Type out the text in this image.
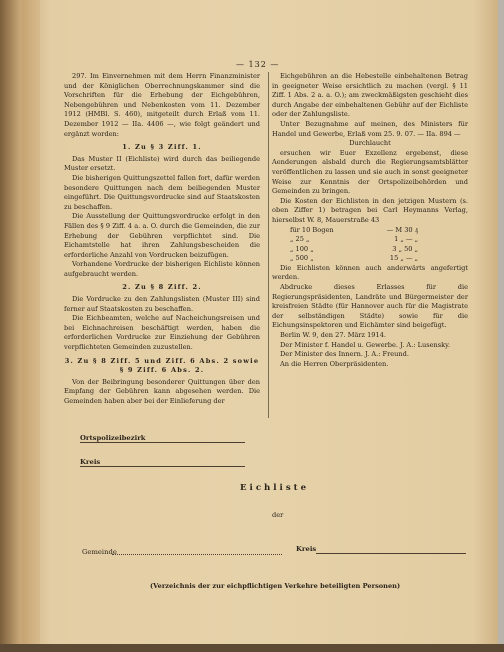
— 132 —

297. Im Einvernehmen mit dem Herrn Finanzminister und der Königlichen Oberrechnungskammer sind die Vorschriften für die Erhebung der Eichgebühren, Nebengebühren und Nebenkosten vom 11. Dezember 1912 (HMBl. S. 460), mitgeteilt durch Erlaß vom 11. Dezember 1912 — IIa. 4406 —, wie folgt geändert und ergänzt worden:

1. Zu § 3 Ziff. 1.

Das Muster II (Eichliste) wird durch das beiliegende Muster ersetzt.

Die bisherigen Quittungszettel fallen fort, dafür werden besondere Quittungen nach dem beiliegenden Muster eingeführt. Die Quittungsvordrucke sind auf Staatskosten zu beschaffen.

Die Ausstellung der Quittungsvordrucke erfolgt in den Fällen des § 9 Ziff. 4 a. a. O. durch die Gemeinden, die zur Erhebung der Gebühren verpflichtet sind. Die Eichamtstelle hat ihren Zahlungsbescheiden die erforderliche Anzahl von Vordrucken beizufügen.

Vorhandene Vordrucke der bisherigen Eichliste können aufgebraucht werden.

2. Zu § 8 Ziff. 2.

Die Vordrucke zu den Zahlungslisten (Muster III) sind ferner auf Staatskosten zu beschaffen.

Die Eichbeamten, welche auf Nacheichungsreisen und bei Eichnachreisen beschäftigt werden, haben die erforderlichen Vordrucke zur Einziehung der Gebühren verpflichteten Gemeinden zuzustellen.

3. Zu § 8 Ziff. 5 und Ziff. 6 Abs. 2 sowie § 9 Ziff. 6 Abs. 2.

Von der Beibringung besonderer Quittungen über den Empfang der Gebühren kann abgesehen werden. Die Gemeinden haben aber bei der Einlieferung der

Eichgebühren an die Hebestelle einbehaltenen Betrag in geeigneter Weise ersichtlich zu machen (vergl. § 11 Ziff. 1 Abs. 2 a. a. O.); am zweckmäßigsten geschieht dies durch Angabe der einbehaltenen Gebühr auf der Eichliste oder der Zahlungsliste.

Unter Bezugnahme auf meinen, des Ministers für Handel und Gewerbe, Erlaß vom 25. 9. 07. — IIa. 894 —

Durchlaucht

ersuchen wir Euer Exzellenz ergebenst, diese Aenderungen alsbald durch die Regierungsamtsblätter veröffentlichen zu lassen und sie auch in sonst geeigneter Weise zur Kenntnis der Ortspolizeibehörden und Gemeinden zu bringen.

Die Kosten der Eichlisten in den jetzigen Mustern (s. oben Ziffer 1) betragen bei Carl Heymanns Verlag, hierselbst W. 8, Mauerstraße 43

für 10 Bogen	— M 30 ₰
„ 25 „	1 „ — „
„ 100 „	3 „ 50 „
„ 500 „	15 „ — „

Die Eichlisten können auch anderwärts angefertigt werden.

Abdrucke dieses Erlasses für die Regierungspräsidenten, Landräte und Bürgermeister der kreisfreien Städte (für Hannover auch für die Magistrate der selbständigen Städte) sowie für die Eichungsinspektoren und Eichämter sind beigefügt.

Berlin W. 9, den 27. März 1914.

Der Minister f. Handel u. Gewerbe. J. A.: Lusensky.

Der Minister des Innern. J. A.: Freund.

An die Herren Oberpräsidenten.

Ortspolizeibezirk
Kreis
Eichliste
der
Gemeinde	Kreis
(Verzeichnis der zur eichpflichtigen Verkehre beteiligten Personen)
